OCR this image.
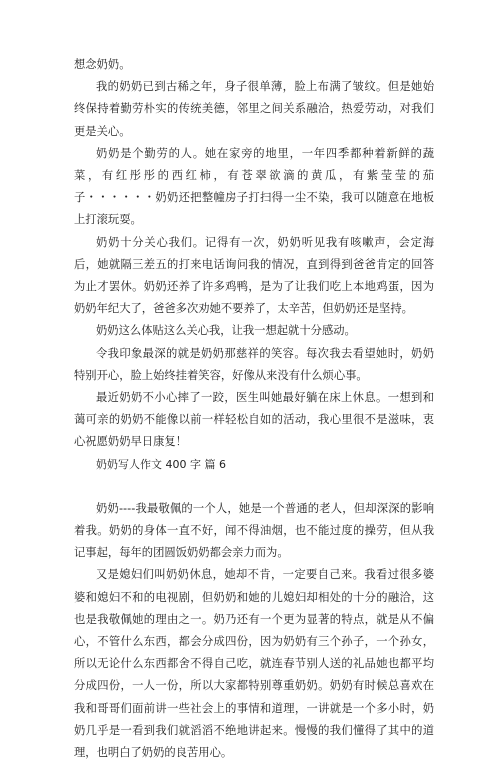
想念奶奶。

我的奶奶已到古稀之年，身子很单薄，脸上布满了皱纹。但是她始终保持着勤劳朴实的传统美德，邻里之间关系融洽，热爱劳动，对我们更是关心。

奶奶是个勤劳的人。她在家旁的地里，一年四季都种着新鲜的蔬菜，有红彤彤的西红柿，有苍翠欲滴的黄瓜，有紫莹莹的茄子・・・・・・奶奶还把整幢房子打扫得一尘不染，我可以随意在地板上打滚玩耍。

奶奶十分关心我们。记得有一次，奶奶听见我有咳嗽声，会定海后，她就隔三差五的打来电话询问我的情况，直到得到爸爸肯定的回答为止才罢休。奶奶还养了许多鸡鸭，是为了让我们吃上本地鸡蛋，因为奶奶年纪大了，爸爸多次劝她不要养了，太辛苦，但奶奶还是坚持。

奶奶这么体贴这么关心我，让我一想起就十分感动。

令我印象最深的就是奶奶那慈祥的笑容。每次我去看望她时，奶奶特别开心，脸上始终挂着笑容，好像从来没有什么烦心事。

最近奶奶不小心摔了一跤，医生叫她最好躺在床上休息。一想到和蔼可亲的奶奶不能像以前一样轻松自如的活动，我心里很不是滋味，衷心祝愿奶奶早日康复！

奶奶写人作文 400 字 篇 6

奶奶----我最敬佩的一个人，她是一个普通的老人，但却深深的影响着我。奶奶的身体一直不好，闻不得油烟，也不能过度的操劳，但从我记事起，每年的团圆饭奶奶都会亲力而为。

又是媳妇们叫奶奶休息，她却不肯，一定要自己来。我看过很多婆婆和媳妇不和的电视剧，但奶奶和她的儿媳妇却相处的十分的融洽，这也是我敬佩她的理由之一。奶乃还有一个更为显著的特点，就是从不偏心，不管什么东西，都会分成四份，因为奶奶有三个孙子，一个孙女，所以无论什么东西都舍不得自己吃，就连春节别人送的礼品她也都平均分成四份，一人一份，所以大家都特别尊重奶奶。奶奶有时候总喜欢在我和哥哥们面前讲一些社会上的事情和道理，一讲就是一个多小时，奶奶几乎是一看到我们就滔滔不绝地讲起来。慢慢的我们懂得了其中的道理，也明白了奶奶的良苦用心。
